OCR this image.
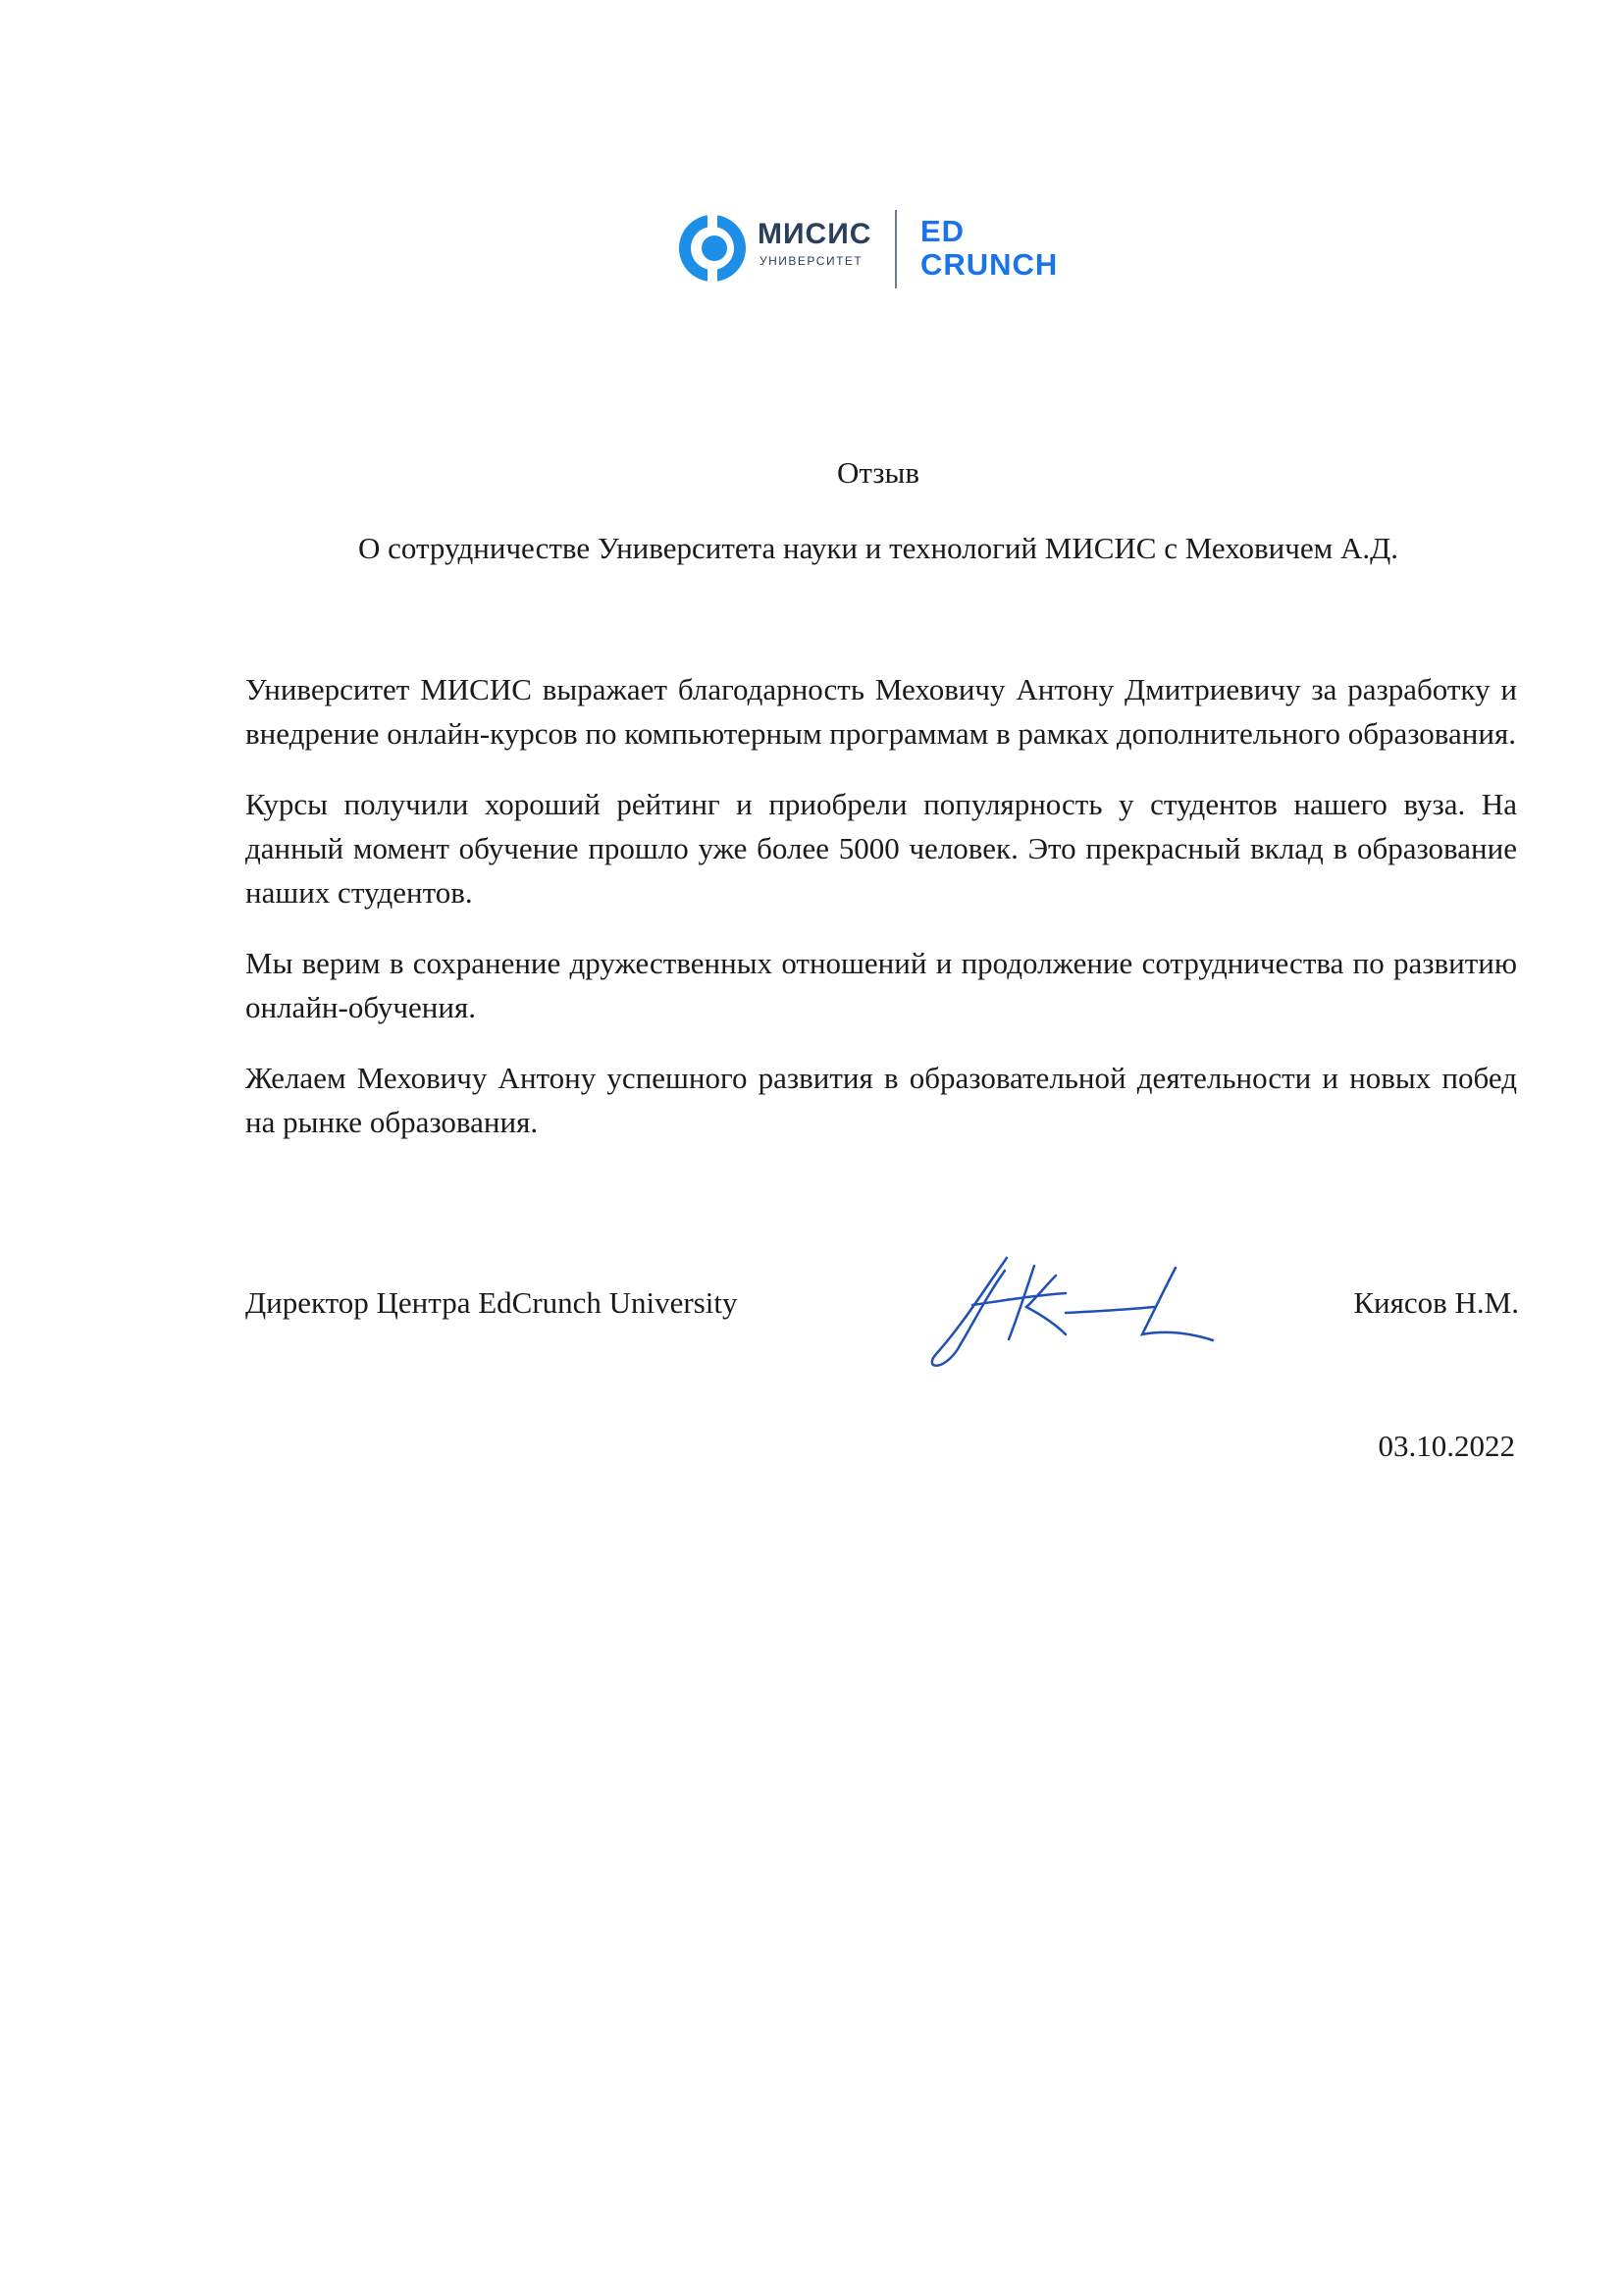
МИСИС
УНИВЕРСИТЕТ
ED
CRUNCH
Отзыв
О сотрудничестве Университета науки и технологий МИСИС с Меховичем А.Д.

Университет МИСИС выражает благодарность Меховичу Антону Дмитриевичу за разработку и внедрение онлайн-курсов по компьютерным программам в рамках дополнительного образования.

Курсы получили хороший рейтинг и приобрели популярность у студентов нашего вуза. На данный момент обучение прошло уже более 5000 человек. Это прекрасный вклад в образование наших студентов.

Мы верим в сохранение дружественных отношений и продолжение сотрудничества по развитию онлайн-обучения.

Желаем Меховичу Антону успешного развития в образовательной деятельности и новых побед на рынке образования.

Директор Центра EdCrunch University	Киясов Н.М.
03.10.2022
